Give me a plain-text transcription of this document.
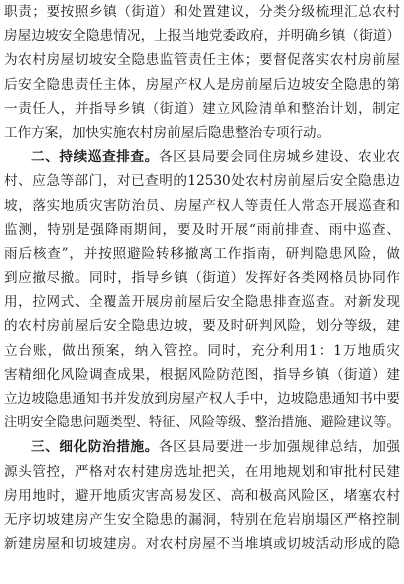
职责；要按照乡镇（街道）和处置建议，分类分级梳理汇总农村
房屋边坡安全隐患情况，上报当地党委政府，并明确乡镇（街道）
为农村房屋切坡安全隐患监管责任主体；要督促落实农村房前屋
后安全隐患责任主体，房屋产权人是房前屋后边坡安全隐患的第
一责任人，并指导乡镇（街道）建立风险清单和整治计划，制定
工作方案，加快实施农村房前屋后隐患整治专项行动。
二、持续巡查排查。各区县局要会同住房城乡建设、农业农
村、应急等部门，对已查明的12530处农村房前屋后安全隐患边
坡，落实地质灾害防治员、房屋产权人等责任人常态开展巡查和
监测，特别是强降雨期间，要及时开展“雨前排查、雨中巡查、
雨后核查”，并按照避险转移撤离工作指南，研判隐患风险，做
到应撤尽撤。同时，指导乡镇（街道）发挥好各类网格员协同作
用，拉网式、全覆盖开展房前屋后安全隐患排查巡查。对新发现
的农村房前屋后安全隐患边坡，要及时研判风险，划分等级，建
立台账，做出预案，纳入管控。同时，充分利用1：1万地质灾
害精细化风险调查成果，根据风险防范图，指导乡镇（街道）建
立边坡隐患通知书并发放到房屋产权人手中，边坡隐患通知书中要
注明安全隐患问题类型、特征、风险等级、整治措施、避险建议等。
三、细化防治措施。各区县局要进一步加强规律总结，加强
源头管控，严格对农村建房选址把关，在用地规划和审批村民建
房用地时，避开地质灾害高易发区、高和极高风险区，堵塞农村
无序切坡建房产生安全隐患的漏洞，特别在危岩崩塌区严格控制
新建房屋和切坡建房。对农村房屋不当堆填或切坡活动形成的隐
